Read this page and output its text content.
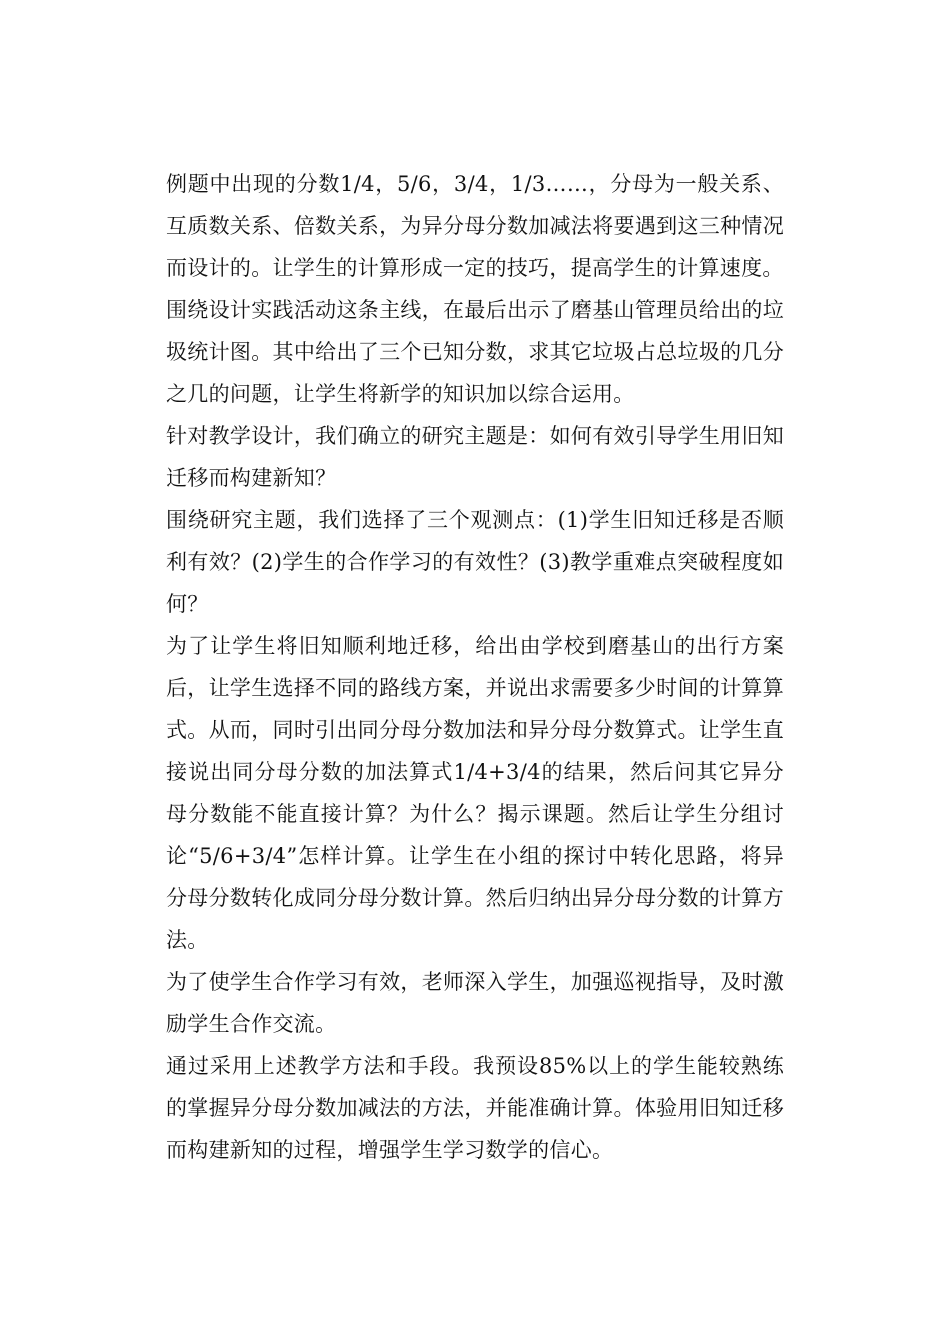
例题中出现的分数1/4，5/6，3/4，1/3……，分母为一般关系、互质数关系、倍数关系，为异分母分数加减法将要遇到这三种情况而设计的。让学生的计算形成一定的技巧，提高学生的计算速度。

围绕设计实践活动这条主线，在最后出示了磨基山管理员给出的垃圾统计图。其中给出了三个已知分数，求其它垃圾占总垃圾的几分之几的问题，让学生将新学的知识加以综合运用。

针对教学设计，我们确立的研究主题是：如何有效引导学生用旧知迁移而构建新知？

围绕研究主题，我们选择了三个观测点：(1)学生旧知迁移是否顺利有效？(2)学生的合作学习的有效性？(3)教学重难点突破程度如何？

为了让学生将旧知顺利地迁移，给出由学校到磨基山的出行方案后，让学生选择不同的路线方案，并说出求需要多少时间的计算算式。从而，同时引出同分母分数加法和异分母分数算式。让学生直接说出同分母分数的加法算式1/4+3/4的结果，然后问其它异分母分数能不能直接计算？为什么？揭示课题。然后让学生分组讨论“5/6+3/4”怎样计算。让学生在小组的探讨中转化思路，将异分母分数转化成同分母分数计算。然后归纳出异分母分数的计算方法。

为了使学生合作学习有效，老师深入学生，加强巡视指导，及时激励学生合作交流。

通过采用上述教学方法和手段。我预设85%以上的学生能较熟练的掌握异分母分数加减法的方法，并能准确计算。体验用旧知迁移而构建新知的过程，增强学生学习数学的信心。
